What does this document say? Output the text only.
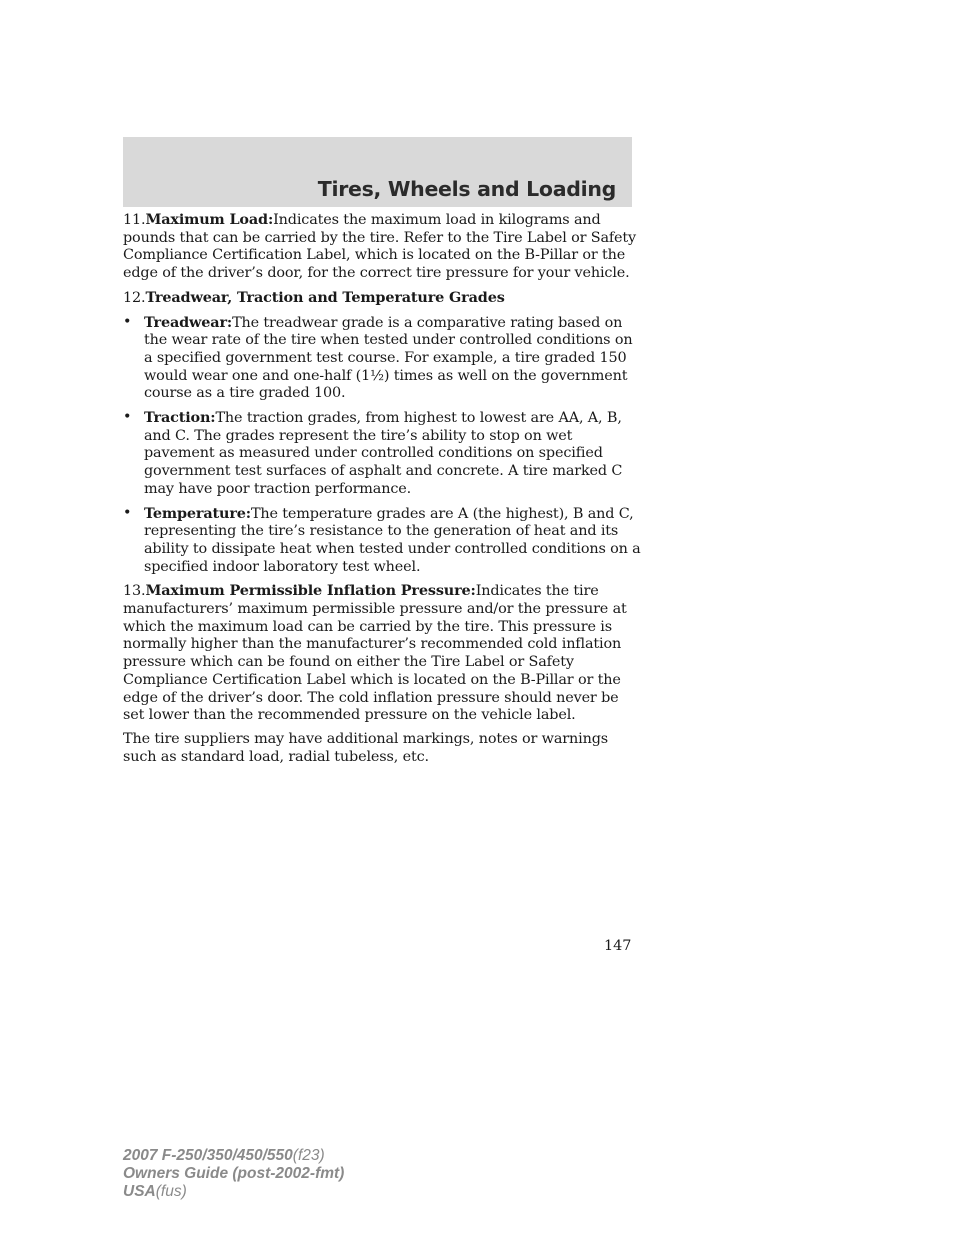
Tires, Wheels and Loading

11.Maximum Load:Indicates the maximum load in kilograms and pounds that can be carried by the tire. Refer to the Tire Label or Safety Compliance Certification Label, which is located on the B-Pillar or the edge of the driver’s door, for the correct tire pressure for your vehicle.

12.Treadwear, Traction and Temperature Grades

• Treadwear:The treadwear grade is a comparative rating based on the wear rate of the tire when tested under controlled conditions on a specified government test course. For example, a tire graded 150 would wear one and one-half (1½) times as well on the government course as a tire graded 100.
• Traction:The traction grades, from highest to lowest are AA, A, B, and C. The grades represent the tire’s ability to stop on wet pavement as measured under controlled conditions on specified government test surfaces of asphalt and concrete. A tire marked C may have poor traction performance.
• Temperature:The temperature grades are A (the highest), B and C, representing the tire’s resistance to the generation of heat and its ability to dissipate heat when tested under controlled conditions on a specified indoor laboratory test wheel.

13.Maximum Permissible Inflation Pressure:Indicates the tire manufacturers’ maximum permissible pressure and/or the pressure at which the maximum load can be carried by the tire. This pressure is normally higher than the manufacturer’s recommended cold inflation pressure which can be found on either the Tire Label or Safety Compliance Certification Label which is located on the B-Pillar or the edge of the driver’s door. The cold inflation pressure should never be set lower than the recommended pressure on the vehicle label.

The tire suppliers may have additional markings, notes or warnings such as standard load, radial tubeless, etc.

147
2007 F-250/350/450/550(f23)
Owners Guide (post-2002-fmt)
USA(fus)
